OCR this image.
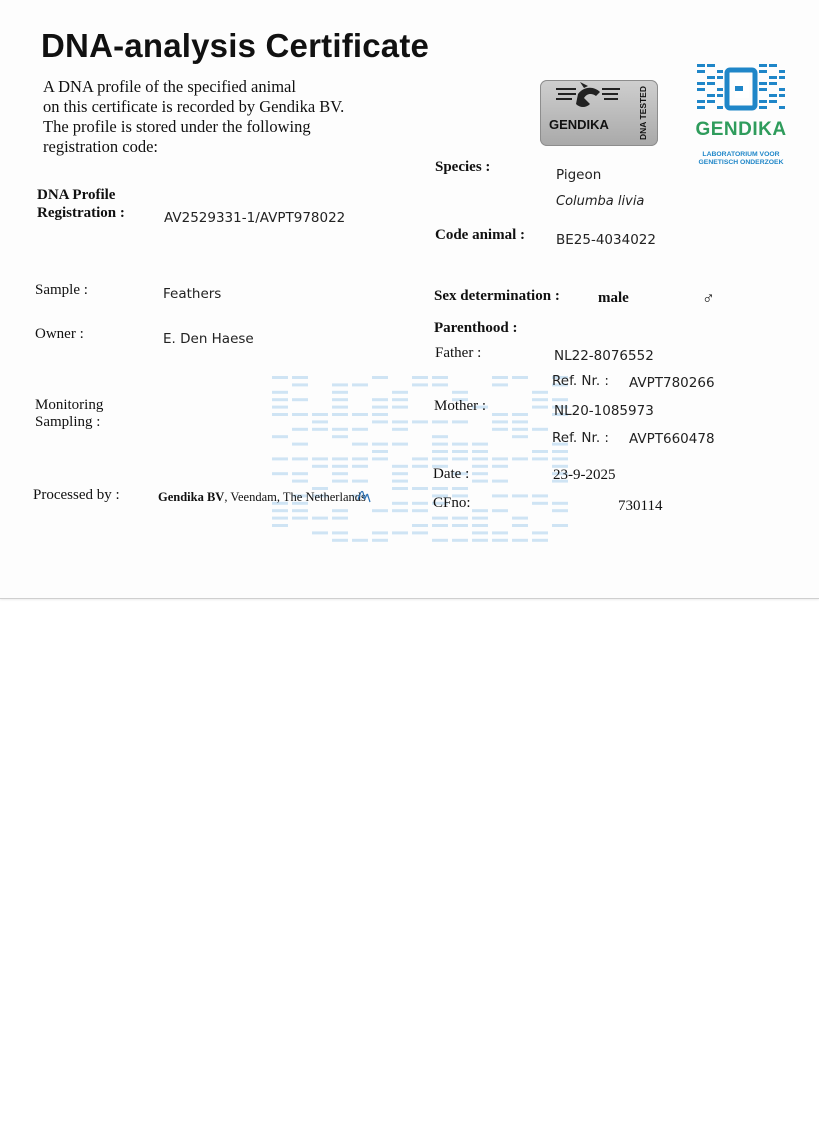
DNA-analysis Certificate
A DNA profile of the specified animal
on this certificate is recorded by Gendika BV.
The profile is stored under the following
registration code:
GENDIKA	DNA TESTED GENDIKA
LABORATORIUM VOOR
GENETISCH ONDERZOEK
DNA Profile
Registration :	AV2529331-1/AVPT978022
Sample :	Feathers
Owner :	E. Den Haese
Monitoring
Sampling :
Processed by :	Gendika BV, Veendam, The Netherlands
Species :	Pigeon
Columba livia
Code animal : BE25-4034022
Sex determination :	male	♂
Parenthood :
Father :	NL22-8076552
Ref. Nr. : AVPT780266
Mother :	NL20-1085973
Ref. Nr. : AVPT660478
Date :	23-9-2025
CFno:	730114
